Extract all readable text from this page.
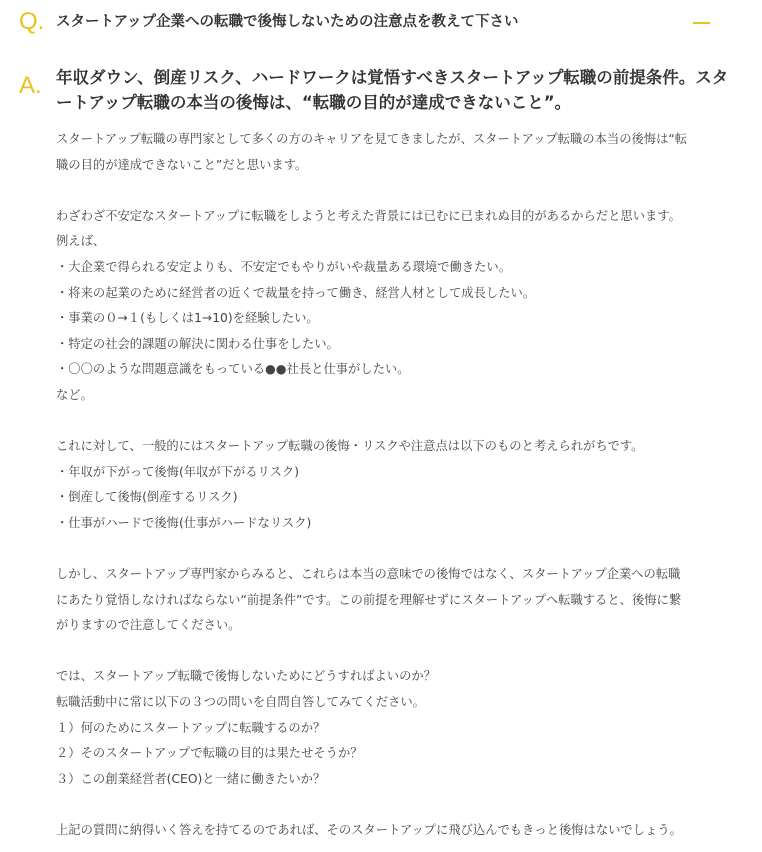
Q. スタートアップ企業への転職で後悔しないための注意点を教えて下さい
A. 年収ダウン、倒産リスク、ハードワークは覚悟すべきスタートアップ転職の前提条件。スタ
ートアップ転職の本当の後悔は、“転職の目的が達成できないこと”。
スタートアップ転職の専門家として多くの方のキャリアを見てきましたが、スタートアップ転職の本当の後悔は“転
職の目的が達成できないこと”だと思います。
わざわざ不安定なスタートアップに転職をしようと考えた背景には已むに已まれぬ目的があるからだと思います。
例えば、
・大企業で得られる安定よりも、不安定でもやりがいや裁量ある環境で働きたい。
・将来の起業のために経営者の近くで裁量を持って働き、経営人材として成長したい。
・事業の０→１(もしくは1→10)を経験したい。
・特定の社会的課題の解決に関わる仕事をしたい。
・〇〇のような問題意識をもっている●●社長と仕事がしたい。
など。
これに対して、一般的にはスタートアップ転職の後悔・リスクや注意点は以下のものと考えられがちです。
・年収が下がって後悔(年収が下がるリスク)
・倒産して後悔(倒産するリスク)
・仕事がハードで後悔(仕事がハードなリスク)
しかし、スタートアップ専門家からみると、これらは本当の意味での後悔ではなく、スタートアップ企業への転職
にあたり覚悟しなければならない“前提条件”です。この前提を理解せずにスタートアップへ転職すると、後悔に繋
がりますので注意してください。
では、スタートアップ転職で後悔しないためにどうすればよいのか？
転職活動中に常に以下の３つの問いを自問自答してみてください。
１）何のためにスタートアップに転職するのか？
２）そのスタートアップで転職の目的は果たせそうか？
３）この創業経営者(CEO)と一緒に働きたいか？
上記の質問に納得いく答えを持てるのであれば、そのスタートアップに飛び込んでもきっと後悔はないでしょう。
